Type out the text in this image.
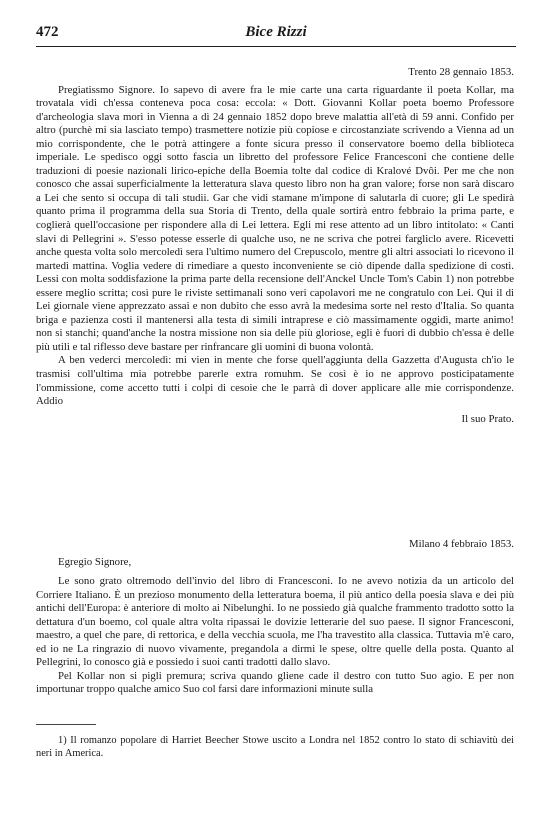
472	Bice Rizzi
Trento 28 gennaio 1853.

Pregiatissmo Signore. Io sapevo di avere fra le mie carte una carta riguardante il poeta Kollar, ma trovatala vidi ch'essa conteneva poca cosa: eccola: « Dott. Giovanni Kollar poeta boemo Professore d'archeologia slava morì in Vienna a dì 24 gennaio 1852 dopo breve malattia all'età di 59 anni. Confido per altro (purchè mi sia lasciato tempo) trasmettere notizie più copiose e circostanziate scrivendo a Vienna ad un mio corrispondente, che le potrà attingere a fonte sicura presso il conservatore boemo della biblioteca imperiale. Le spedisco oggi sotto fascia un libretto del professore Felice Francesconi che contiene delle traduzioni di poesie nazionali lirico-epiche della Boemia tolte dal codice di Kralové Dvôi. Per me che non conosco che assai superficialmente la letteratura slava questo libro non ha gran valore; forse non sarà discaro a Lei che sento si occupa di tali studii. Gar che vidi stamane m'impone di salutarla di cuore; gli Le spedirà quanto prima il programma della sua Storia di Trento, della quale sortirà entro febbraio la prima parte, e coglierà quell'occasione per rispondere alla di Lei lettera. Egli mi rese attento ad un libro intitolato: « Canti slavi di Pellegrini ». S'esso potesse esserle di qualche uso, ne ne scriva che potrei fargliclo avere. Ricevetti anche questa volta solo mercoledì sera l'ultimo numero del Crepuscolo, mentre gli altri associati lo ricevono il martedì mattina. Voglia vedere di rimediare a questo inconveniente se ciò dipende dalla spedizione di costì. Lessi con molta soddisfazione la prima parte della recensione dell'Anckel Uncle Tom's Cabin 1) non potrebbe essere meglio scritta; così pure le riviste settimanali sono veri capolavori me ne congratulo con Lei. Qui il di Lei giornale viene apprezzato assai e non dubito che esso avrà la medesima sorte nel resto d'Italia. So quanta briga e pazienza costi il mantenersi alla testa di simili intraprese e ciò massimamente oggidì, marte animo! non si stanchi; quand'anche la nostra missione non sia delle più gloriose, egli è fuori di dubbio ch'essa è delle più utili e tal riflesso deve bastare per rinfrancare gli uomini di buona volontà.

A ben vederci mercoledì: mi vien in mente che forse quell'aggiunta della Gazzetta d'Augusta ch'io le trasmisi coll'ultima mia potrebbe parerle extra romuhm. Se così è io ne approvo posticipatamente l'ommissione, come accetto tutti i colpi di cesoie che le parrà di dover applicare alle mie corrispondenze. Addio

Il suo Prato.
Milano 4 febbraio 1853.
Egregio Signore,

Le sono grato oltremodo dell'invio del libro di Francesconi. Io ne avevo notizia da un articolo del Corriere Italiano. È un prezioso monumento della letteratura boema, il più antico della poesia slava e dei più antichi dell'Europa: è anteriore di molto ai Nibelunghi. Io ne possiedo già qualche frammento tradotto sotto la dettatura d'un boemo, col quale altra volta ripassai le dovizie letterarie del suo paese. Il signor Francesconi, maestro, a quel che pare, di rettorica, e della vecchia scuola, me l'ha travestito alla classica. Tuttavia m'è caro, ed io ne La ringrazio di nuovo vivamente, pregandola a dirmi le spese, oltre quelle della posta. Quanto al Pellegrini, lo conosco già e possiedo i suoi canti tradotti dallo slavo.

Pel Kollar non si pigli premura; scriva quando gliene cade il destro con tutto Suo agio. E per non importunar troppo qualche amico Suo col farsi dare informazioni minute sulla

1) Il romanzo popolare di Harriet Beecher Stowe uscito a Londra nel 1852 contro lo stato di schiavitù dei neri in America.
